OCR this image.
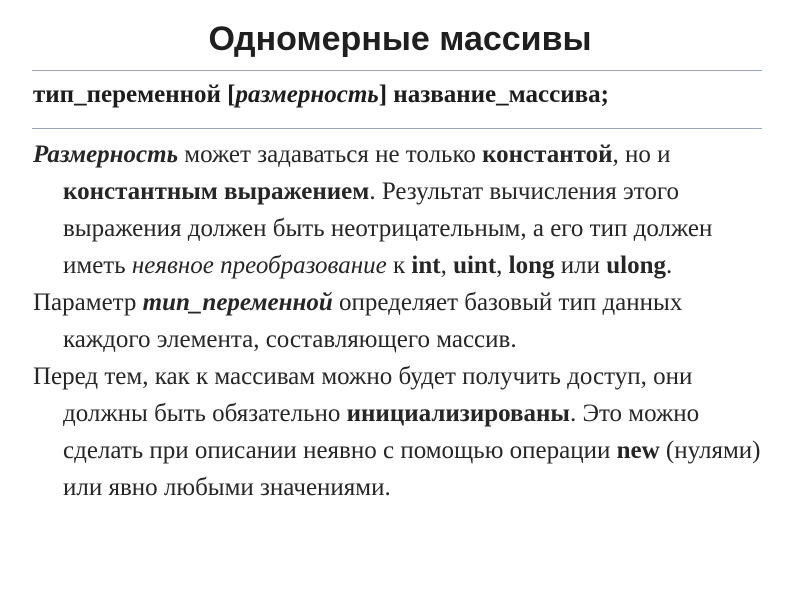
Одномерные массивы
тип_переменной [размерность] название_массива;

Размерность может задаваться не только константой, но и константным выражением. Результат вычисления этого выражения должен быть неотрицательным, а его тип должен иметь неявное преобразование к int, uint, long или ulong.

Параметр тип_переменной определяет базовый тип данных каждого элемента, составляющего массив.

Перед тем, как к массивам можно будет получить доступ, они должны быть обязательно инициализированы. Это можно сделать при описании неявно с помощью операции new (нулями) или явно любыми значениями.
